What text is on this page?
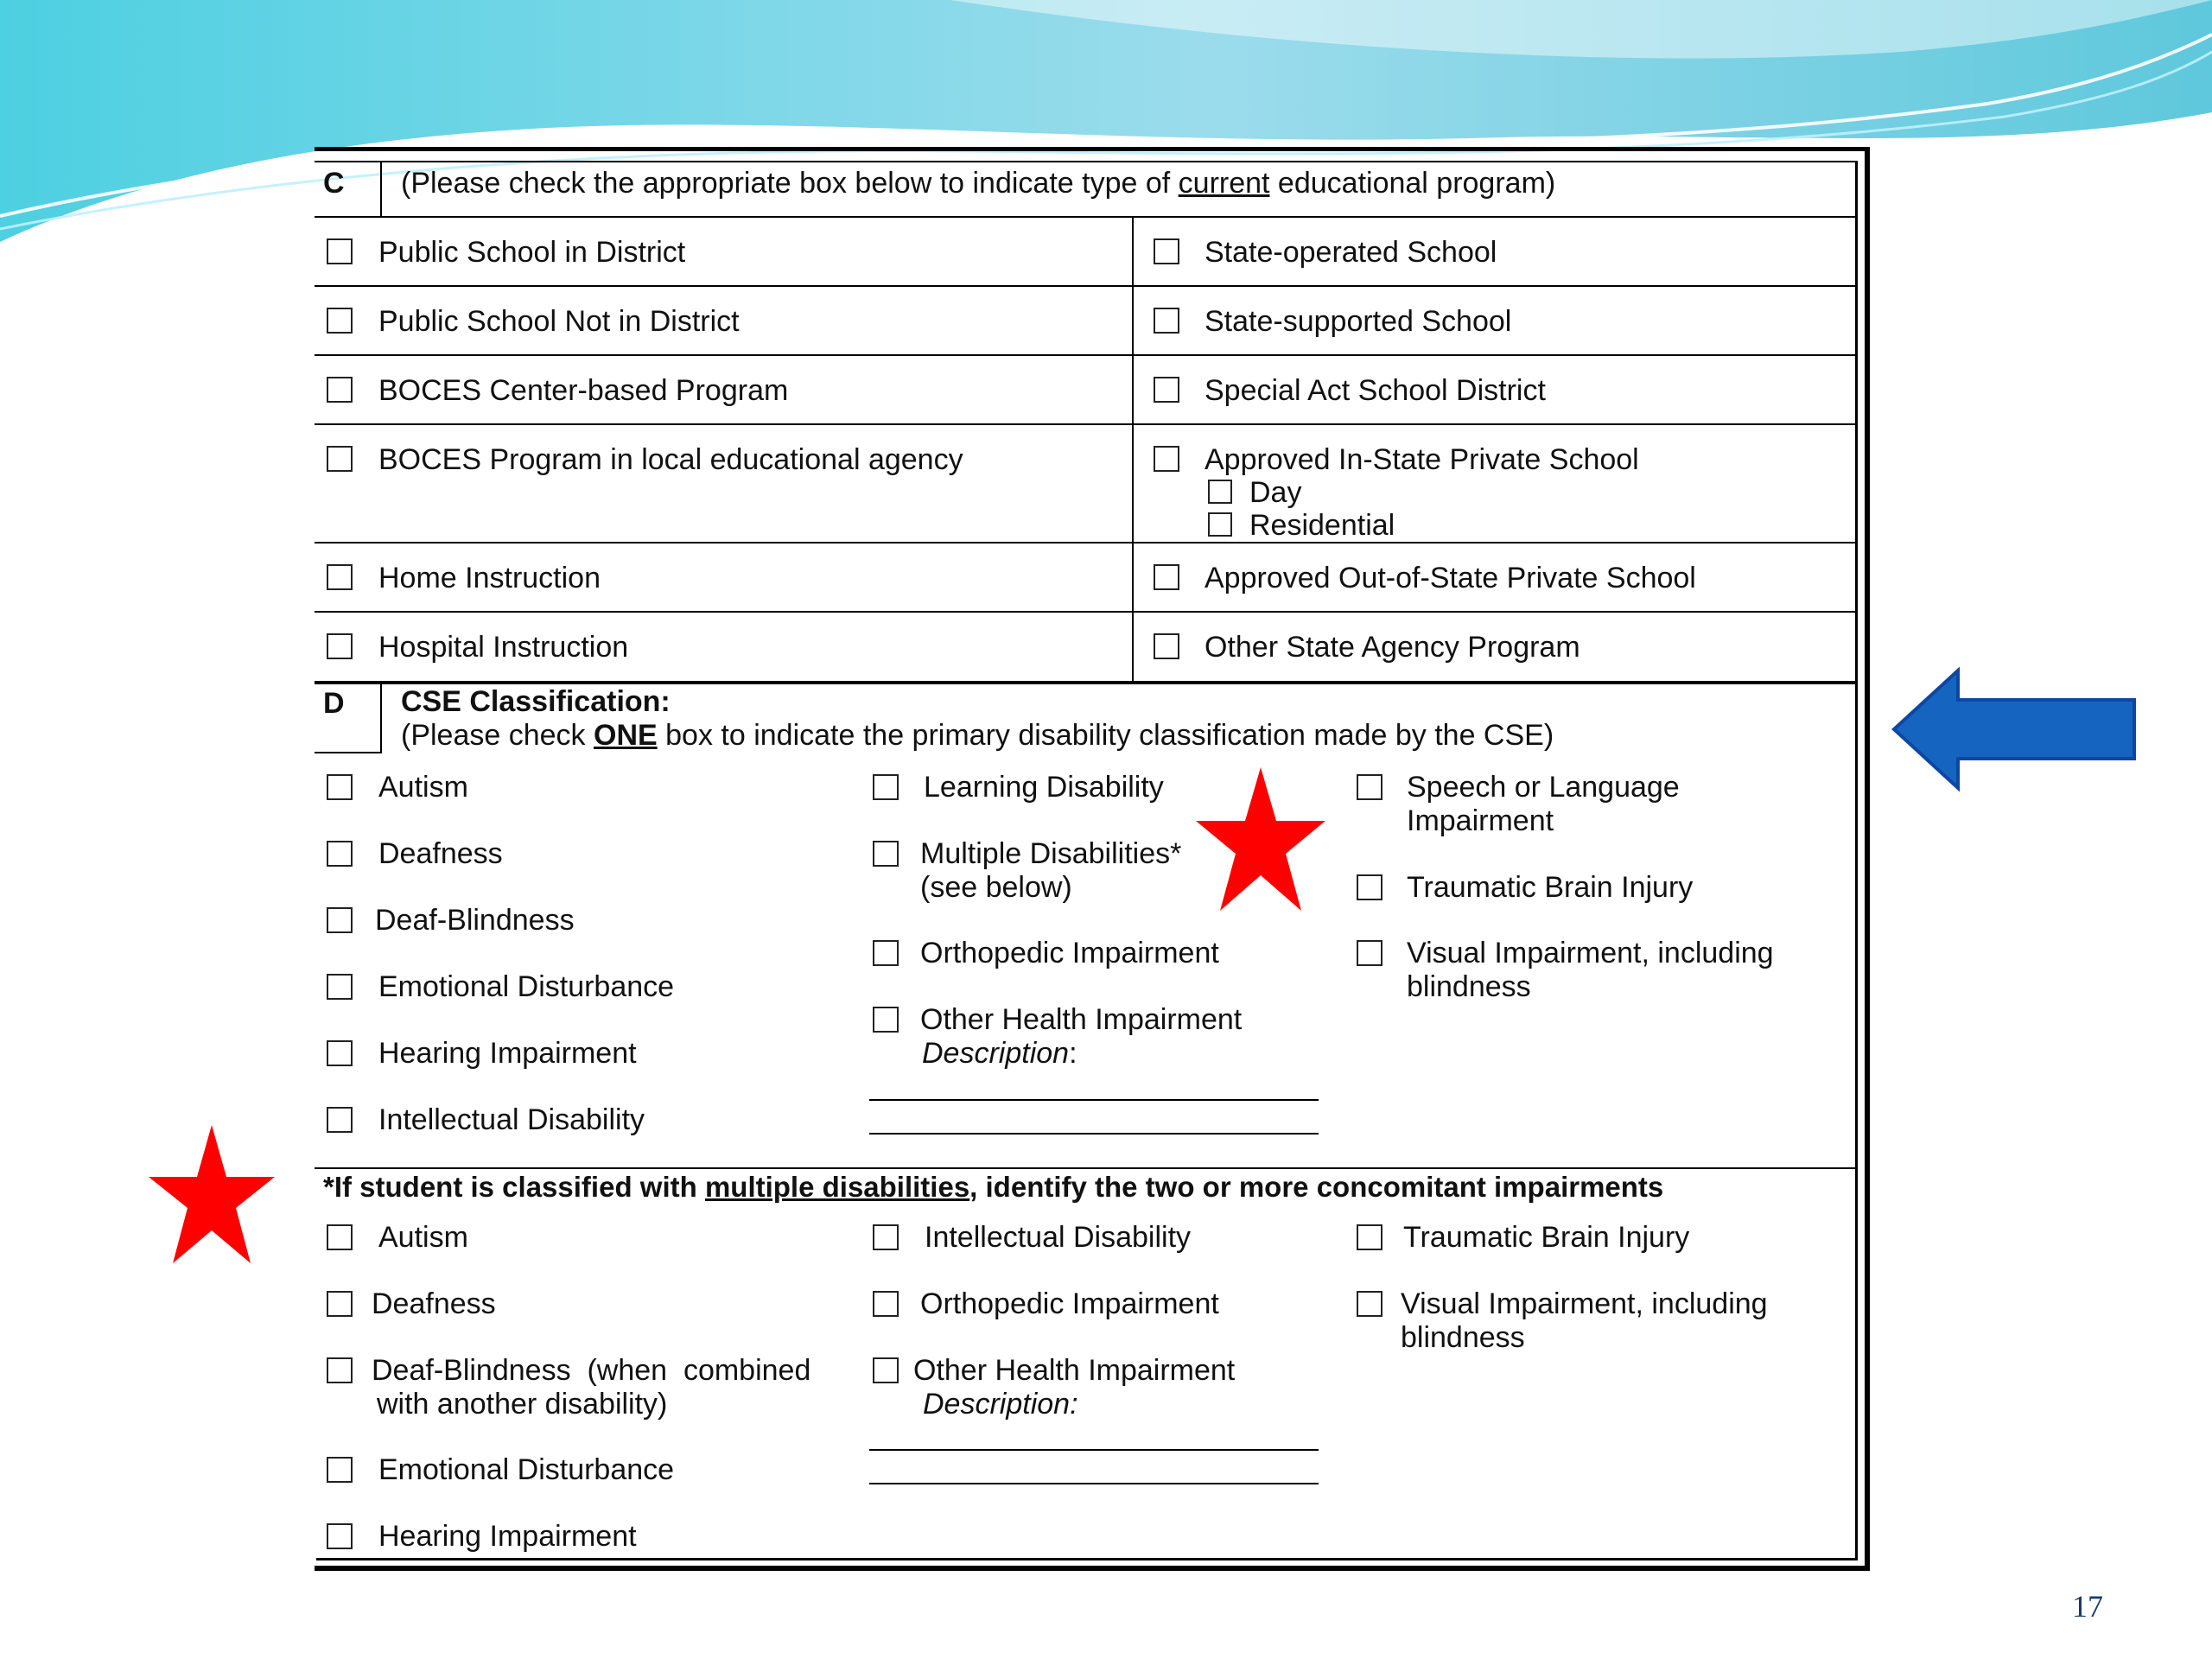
C (Please check the appropriate box below to indicate type of current educational program)
Public School in District
Public School Not in District
BOCES Center-based Program
BOCES Program in local educational agency
Home Instruction
Hospital Instruction
State-operated School
State-supported School
Special Act School District
Approved In-State Private School
Day
Residential
Approved Out-of-State Private School
Other State Agency Program
D CSE Classification:
(Please check ONE box to indicate the primary disability classification made by the CSE)
Autism
Deafness
Deaf-Blindness
Emotional Disturbance
Hearing Impairment
Intellectual Disability
Learning Disability
Multiple Disabilities*
(see below)
Orthopedic Impairment
Other Health Impairment
Description:
Speech or Language
Impairment
Traumatic Brain Injury
Visual Impairment, including
blindness
*If student is classified with multiple disabilities, identify the two or more concomitant impairments
Autism
Deafness
Deaf-Blindness  (when  combined
with another disability)
Emotional Disturbance
Hearing Impairment
Intellectual Disability
Orthopedic Impairment
Other Health Impairment
Description:
Traumatic Brain Injury
Visual Impairment, including
blindness
17
